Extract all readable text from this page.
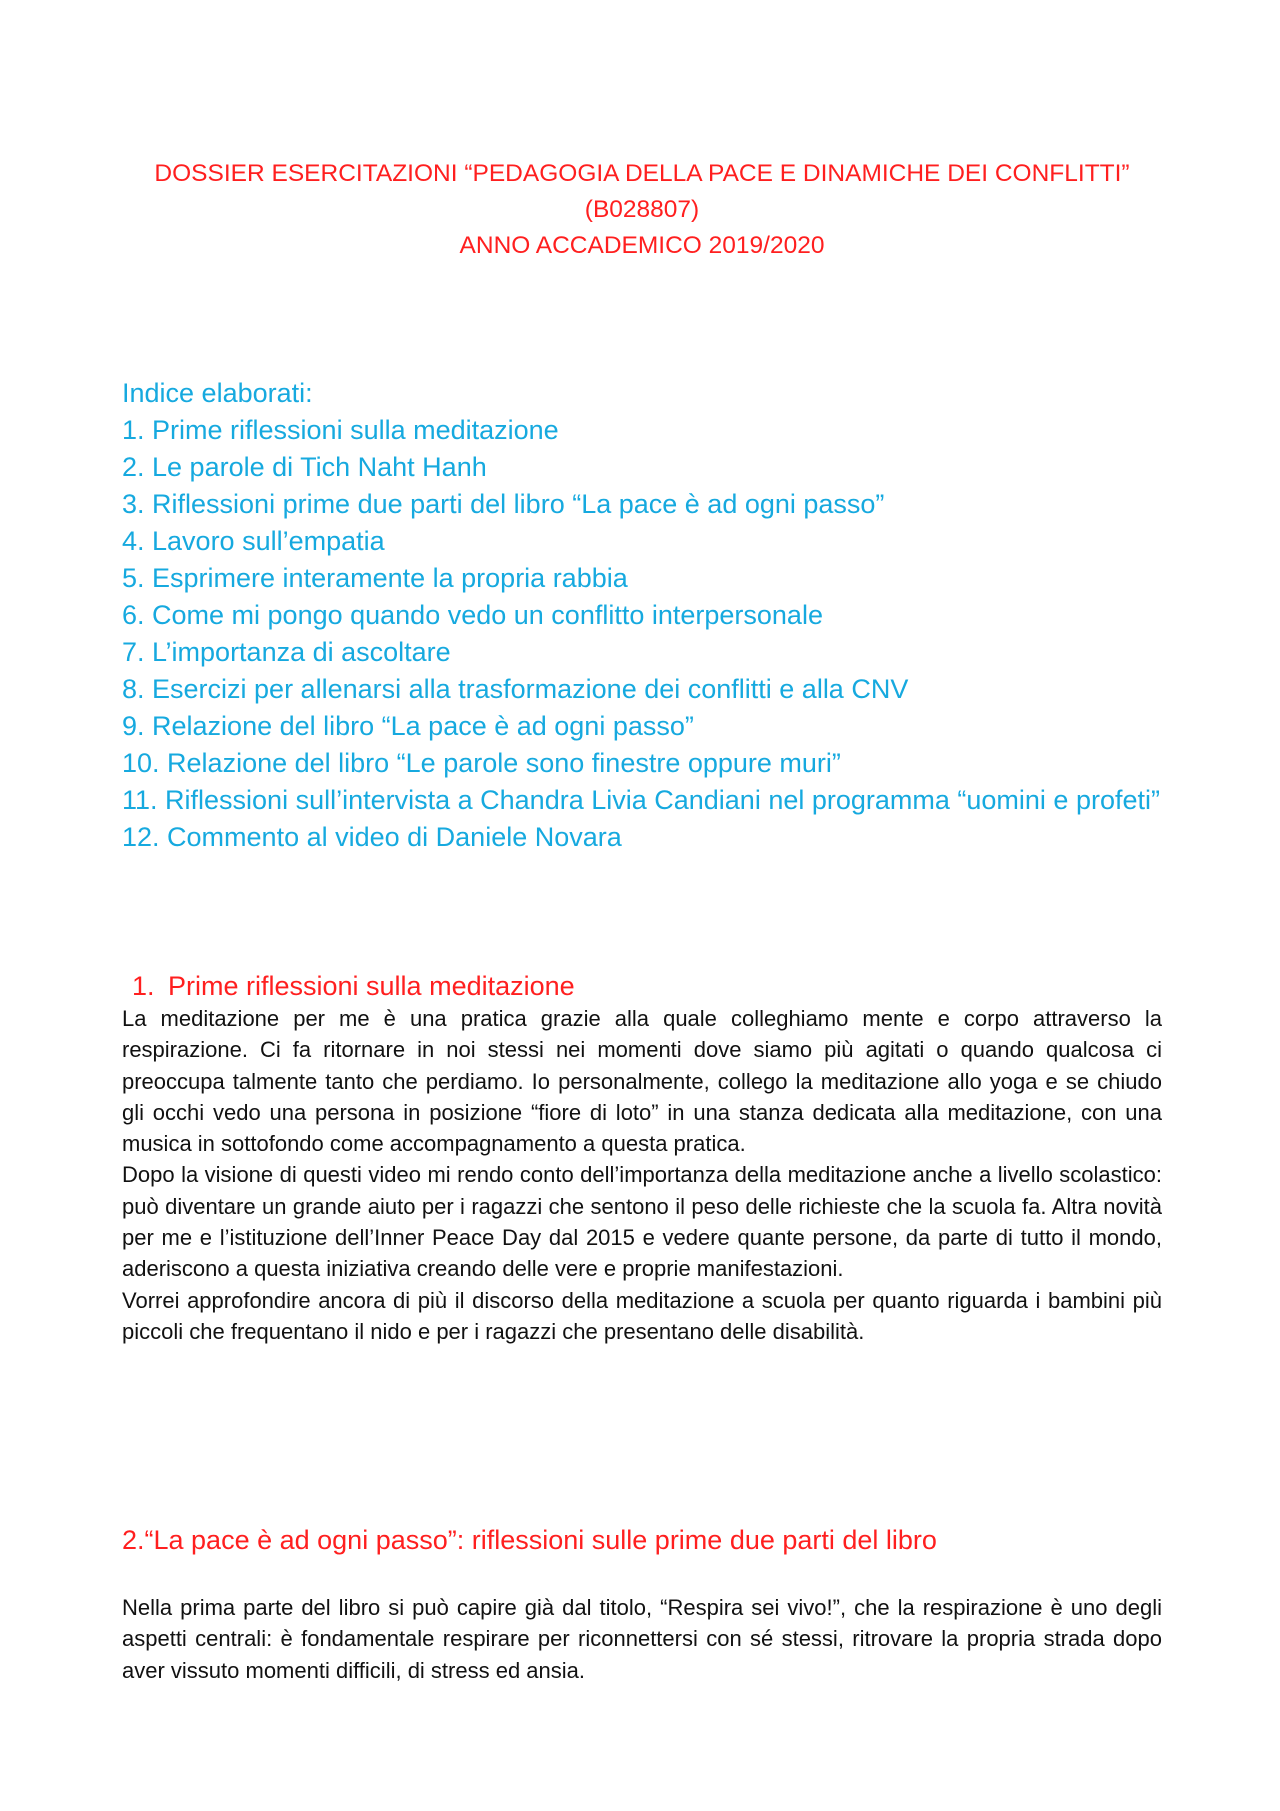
DOSSIER ESERCITAZIONI “PEDAGOGIA DELLA PACE E DINAMICHE DEI CONFLITTI”
(B028807)
ANNO ACCADEMICO 2019/2020
Indice elaborati:
1. Prime riflessioni sulla meditazione
2. Le parole di Tich Naht Hanh
3. Riflessioni prime due parti del libro “La pace è ad ogni passo”
4. Lavoro sull’empatia
5. Esprimere interamente la propria rabbia
6. Come mi pongo quando vedo un conflitto interpersonale
7. L’importanza di ascoltare
8. Esercizi per allenarsi alla trasformazione dei conflitti e alla CNV
9. Relazione del libro “La pace è ad ogni passo”
10. Relazione del libro “Le parole sono finestre oppure muri”
11. Riflessioni sull’intervista a Chandra Livia Candiani nel programma “uomini e profeti”
12. Commento al video di Daniele Novara
1. Prime riflessioni sulla meditazione

La meditazione per me è una pratica grazie alla quale colleghiamo mente e corpo attraverso la respirazione. Ci fa ritornare in noi stessi nei momenti dove siamo più agitati o quando qualcosa ci preoccupa talmente tanto che perdiamo. Io personalmente, collego la meditazione allo yoga e se chiudo gli occhi vedo una persona in posizione “fiore di loto” in una stanza dedicata alla meditazione, con una musica in sottofondo come accompagnamento a questa pratica.

Dopo la visione di questi video mi rendo conto dell’importanza della meditazione anche a livello scolastico: può diventare un grande aiuto per i ragazzi che sentono il peso delle richieste che la scuola fa. Altra novità per me e l’istituzione dell’Inner Peace Day dal 2015 e vedere quante persone, da parte di tutto il mondo, aderiscono a questa iniziativa creando delle vere e proprie manifestazioni.

Vorrei approfondire ancora di più il discorso della meditazione a scuola per quanto riguarda i bambini più piccoli che frequentano il nido e per i ragazzi che presentano delle disabilità.

2.“La pace è ad ogni passo”: riflessioni sulle prime due parti del libro

Nella prima parte del libro si può capire già dal titolo, “Respira sei vivo!”, che la respirazione è uno degli aspetti centrali: è fondamentale respirare per riconnettersi con sé stessi, ritrovare la propria strada dopo aver vissuto momenti difficili, di stress ed ansia.
